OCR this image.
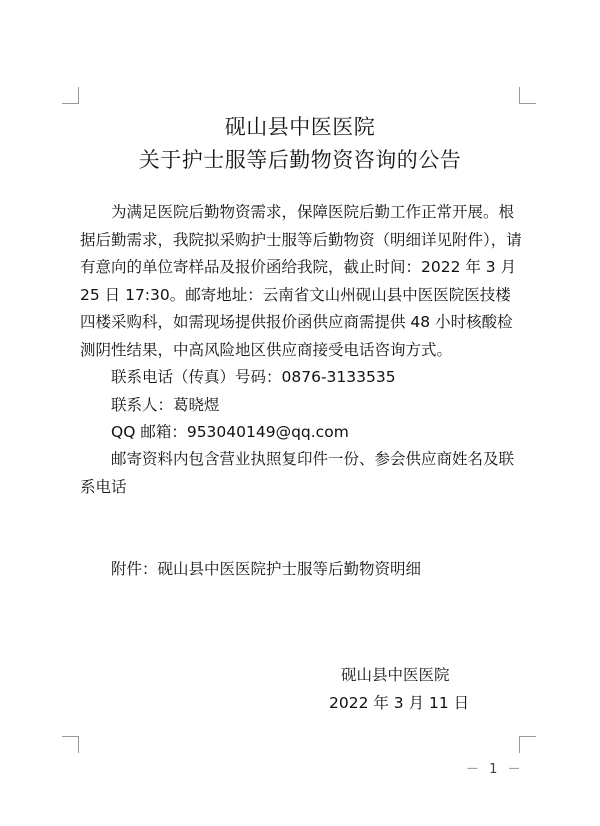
砚山县中医医院
关于护士服等后勤物资咨询的公告

为满足医院后勤物资需求，保障医院后勤工作正常开展。根据后勤需求，我院拟采购护士服等后勤物资（明细详见附件），请有意向的单位寄样品及报价函给我院，截止时间：2022 年 3 月 25 日 17:30。邮寄地址：云南省文山州砚山县中医医院医技楼四楼采购科，如需现场提供报价函供应商需提供 48 小时核酸检测阴性结果，中高风险地区供应商接受电话咨询方式。

联系电话（传真）号码：0876-3133535
联系人：葛晓煜
QQ 邮箱：953040149@qq.com

邮寄资料内包含营业执照复印件一份、参会供应商姓名及联系电话

附件：砚山县中医医院护士服等后勤物资明细
砚山县中医医院
2022 年 3 月 11 日
－ 1 －
